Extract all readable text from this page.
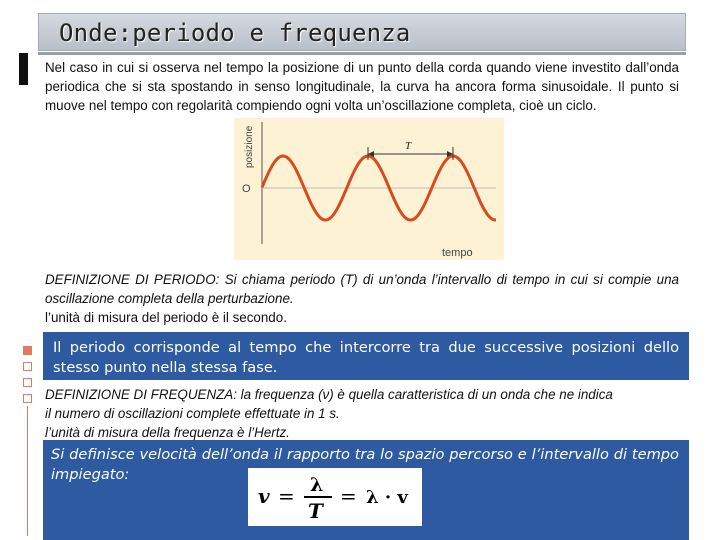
Onde:periodo e frequenza
Nel caso in cui si osserva nel tempo la posizione di un punto della corda quando viene investito dall’onda periodica che si sta spostando in senso longitudinale, la curva ha ancora forma sinusoidale. Il punto si muove nel tempo con regolarità compiendo ogni volta un’oscillazione completa, cioè un ciclo.
posizione
O
tempo
T
DEFINIZIONE DI PERIODO: Si chiama periodo (T) di un’onda l’intervallo di tempo in cui si compie una oscillazione completa della perturbazione.
l’unità di misura del periodo è il secondo.
Il periodo corrisponde al tempo che intercorre tra due successive posizioni dello stesso punto nella stessa fase.
DEFINIZIONE DI FREQUENZA: la frequenza (ν) è quella caratteristica di un onda che ne indica
il numero di oscillazioni complete effettuate in 1 s.
l’unità di misura della frequenza è l’Hertz.
Si definisce velocità dell’onda il rapporto tra lo spazio percorso e l’intervallo di tempo impiegato:
v = λ
T
= λ · v
